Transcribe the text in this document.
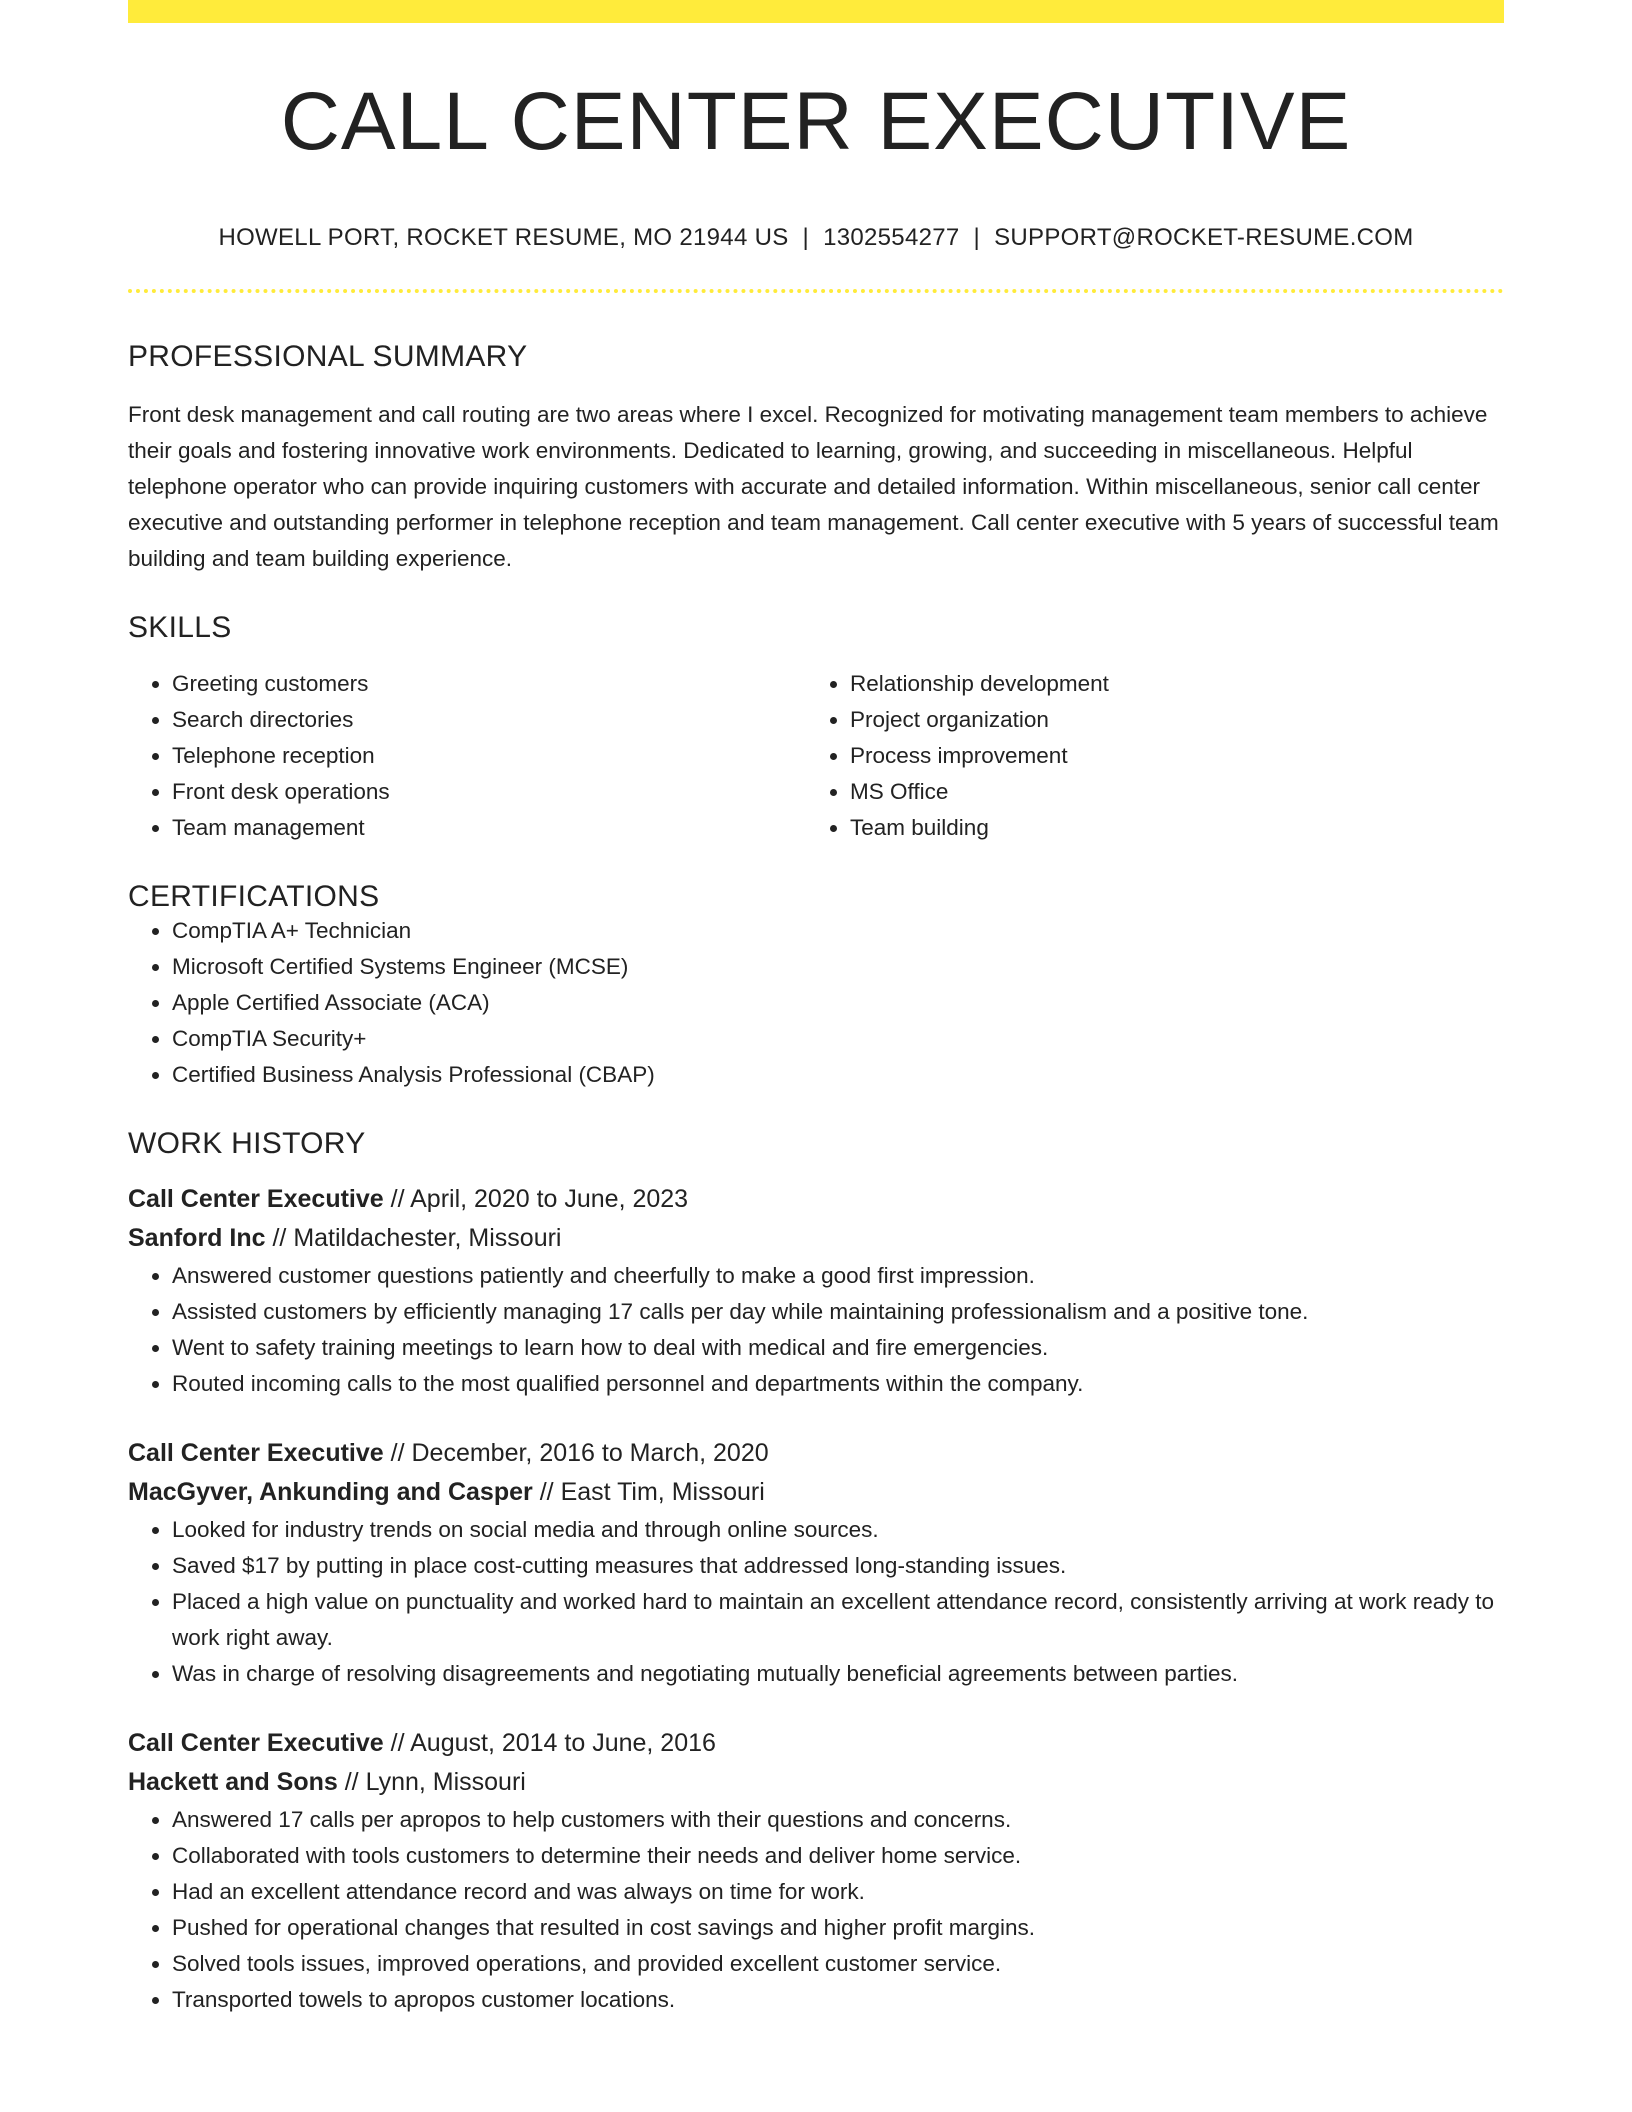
CALL CENTER EXECUTIVE
HOWELL PORT, ROCKET RESUME, MO 21944 US | 1302554277 | SUPPORT@ROCKET-RESUME.COM
PROFESSIONAL SUMMARY
Front desk management and call routing are two areas where I excel. Recognized for motivating management team members to achieve their goals and fostering innovative work environments. Dedicated to learning, growing, and succeeding in miscellaneous. Helpful telephone operator who can provide inquiring customers with accurate and detailed information. Within miscellaneous, senior call center executive and outstanding performer in telephone reception and team management. Call center executive with 5 years of successful team building and team building experience.
SKILLS
• Greeting customers
• Search directories
• Telephone reception
• Front desk operations
• Team management
• Relationship development
• Project organization
• Process improvement
• MS Office
• Team building
CERTIFICATIONS
• CompTIA A+ Technician
• Microsoft Certified Systems Engineer (MCSE)
• Apple Certified Associate (ACA)
• CompTIA Security+
• Certified Business Analysis Professional (CBAP)
WORK HISTORY
Call Center Executive // April, 2020 to June, 2023
Sanford Inc // Matildachester, Missouri
• Answered customer questions patiently and cheerfully to make a good first impression.
• Assisted customers by efficiently managing 17 calls per day while maintaining professionalism and a positive tone.
• Went to safety training meetings to learn how to deal with medical and fire emergencies.
• Routed incoming calls to the most qualified personnel and departments within the company.
Call Center Executive // December, 2016 to March, 2020
MacGyver, Ankunding and Casper // East Tim, Missouri
• Looked for industry trends on social media and through online sources.
• Saved $17 by putting in place cost-cutting measures that addressed long-standing issues.
• Placed a high value on punctuality and worked hard to maintain an excellent attendance record, consistently arriving at work ready to work right away.
• Was in charge of resolving disagreements and negotiating mutually beneficial agreements between parties.
Call Center Executive // August, 2014 to June, 2016
Hackett and Sons // Lynn, Missouri
• Answered 17 calls per apropos to help customers with their questions and concerns.
• Collaborated with tools customers to determine their needs and deliver home service.
• Had an excellent attendance record and was always on time for work.
• Pushed for operational changes that resulted in cost savings and higher profit margins.
• Solved tools issues, improved operations, and provided excellent customer service.
• Transported towels to apropos customer locations.
